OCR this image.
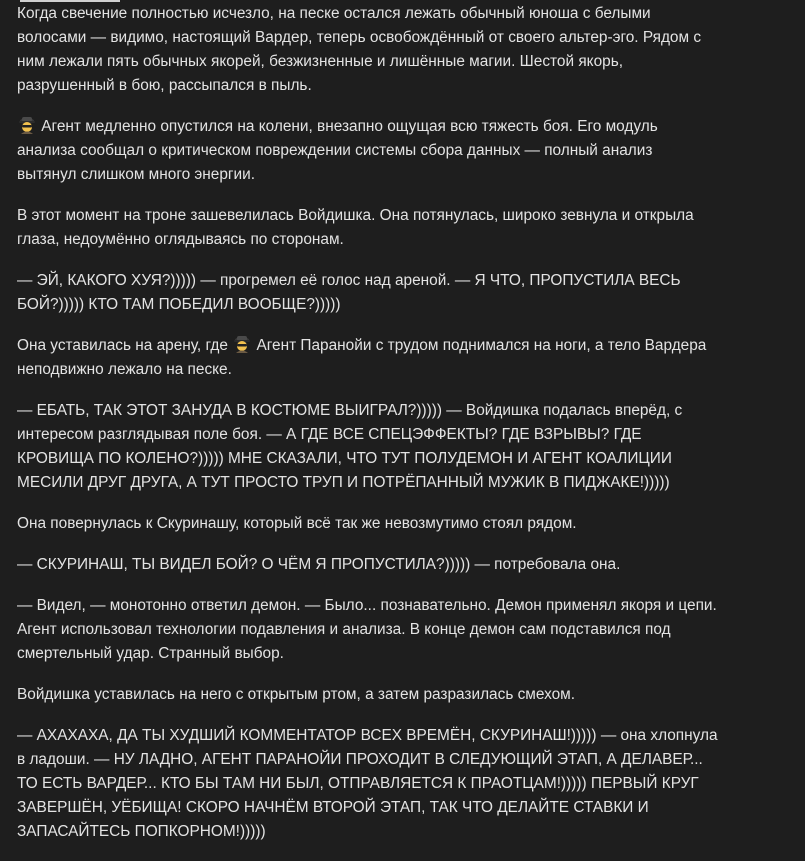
Когда свечение полностью исчезло, на песке остался лежать обычный юноша с белыми
волосами — видимо, настоящий Вардер, теперь освобождённый от своего альтер-эго. Рядом с
ним лежали пять обычных якорей, безжизненные и лишённые магии. Шестой якорь,
разрушенный в бою, рассыпался в пыль.

Агент медленно опустился на колени, внезапно ощущая всю тяжесть боя. Его модуль
анализа сообщал о критическом повреждении системы сбора данных — полный анализ
вытянул слишком много энергии.

В этот момент на троне зашевелилась Войдишка. Она потянулась, широко зевнула и открыла
глаза, недоумённо оглядываясь по сторонам.

— ЭЙ, КАКОГО ХУЯ?))))) — прогремел её голос над ареной. — Я ЧТО, ПРОПУСТИЛА ВЕСЬ
БОЙ?))))) КТО ТАМ ПОБЕДИЛ ВООБЩЕ?)))))

Она уставилась на арену, где  Агент Паранойи с трудом поднимался на ноги, а тело Вардера
неподвижно лежало на песке.

— ЕБАТЬ, ТАК ЭТОТ ЗАНУДА В КОСТЮМЕ ВЫИГРАЛ?))))) — Войдишка подалась вперёд, с
интересом разглядывая поле боя. — А ГДЕ ВСЕ СПЕЦЭФФЕКТЫ? ГДЕ ВЗРЫВЫ? ГДЕ
КРОВИЩА ПО КОЛЕНО?))))) МНЕ СКАЗАЛИ, ЧТО ТУТ ПОЛУДЕМОН И АГЕНТ КОАЛИЦИИ
МЕСИЛИ ДРУГ ДРУГА, А ТУТ ПРОСТО ТРУП И ПОТРЁПАННЫЙ МУЖИК В ПИДЖАКЕ!)))))

Она повернулась к Скуринашу, который всё так же невозмутимо стоял рядом.

— СКУРИНАШ, ТЫ ВИДЕЛ БОЙ? О ЧЁМ Я ПРОПУСТИЛА?))))) — потребовала она.

— Видел, — монотонно ответил демон. — Было... познавательно. Демон применял якоря и цепи.
Агент использовал технологии подавления и анализа. В конце демон сам подставился под
смертельный удар. Странный выбор.

Войдишка уставилась на него с открытым ртом, а затем разразилась смехом.

— АХАХАХА, ДА ТЫ ХУДШИЙ КОММЕНТАТОР ВСЕХ ВРЕМЁН, СКУРИНАШ!))))) — она хлопнула
в ладоши. — НУ ЛАДНО, АГЕНТ ПАРАНОЙИ ПРОХОДИТ В СЛЕДУЮЩИЙ ЭТАП, А ДЕЛАВЕР...
ТО ЕСТЬ ВАРДЕР... КТО БЫ ТАМ НИ БЫЛ, ОТПРАВЛЯЕТСЯ К ПРАОТЦАМ!))))) ПЕРВЫЙ КРУГ
ЗАВЕРШЁН, УЁБИЩА! СКОРО НАЧНЁМ ВТОРОЙ ЭТАП, ТАК ЧТО ДЕЛАЙТЕ СТАВКИ И
ЗАПАСАЙТЕСЬ ПОПКОРНОМ!)))))
